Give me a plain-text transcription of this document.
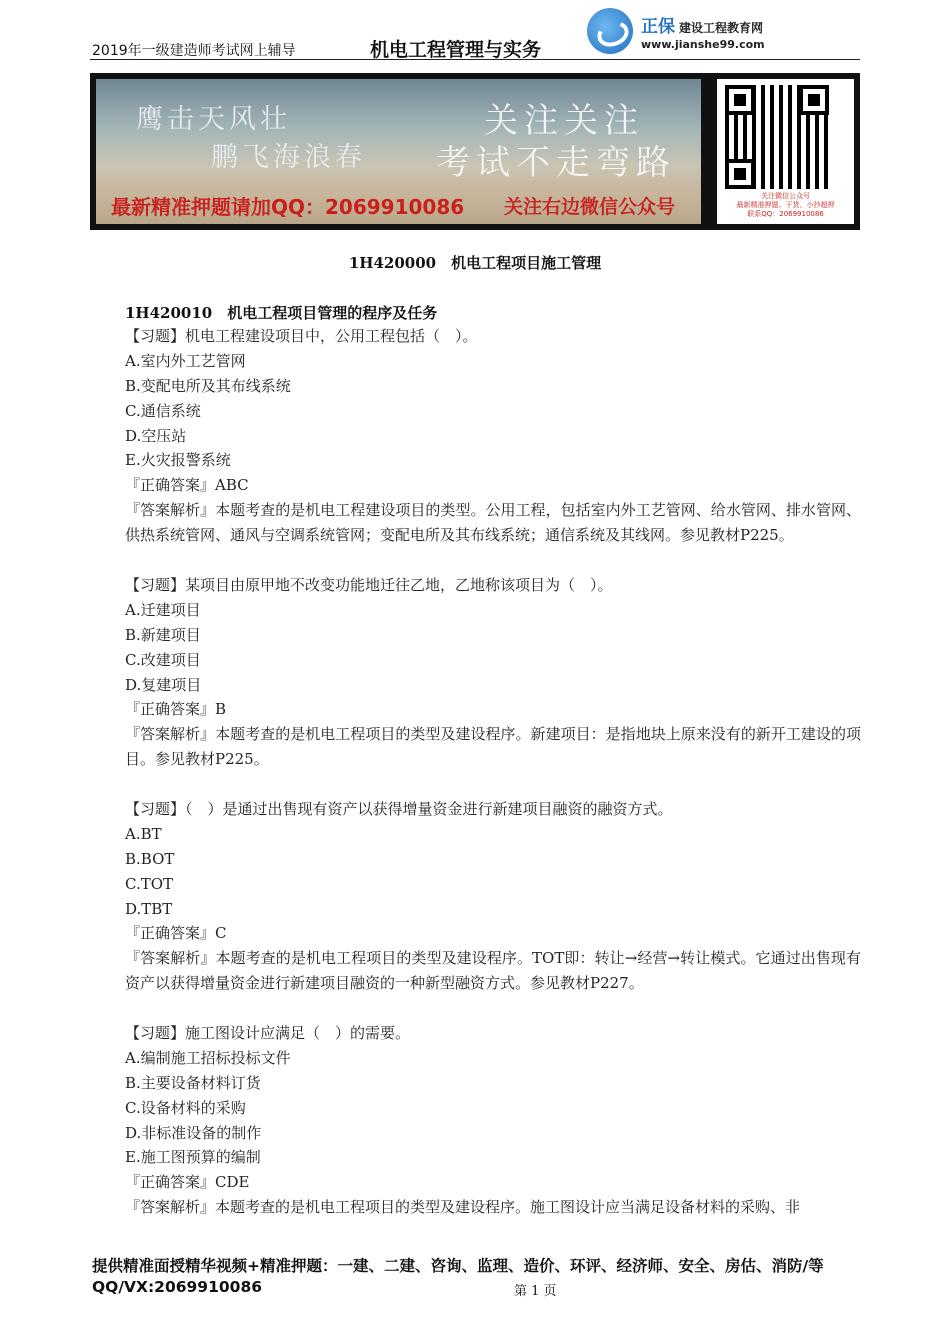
2019年一级建造师考试网上辅导	机电工程管理与实务
正保 建设工程教育网
www.jianshe99.com
鹰击天风壮
鹏飞海浪春
关注关注
考试不走弯路
最新精准押题请加QQ：2069910086 关注右边微信公众号	关注微信公众号
最新精准押题、干货、小抄超押
联系QQ：2069910086
1H420000　机电工程项目施工管理
1H420010　机电工程项目管理的程序及任务
【习题】机电工程建设项目中，公用工程包括（　）。
A.室内外工艺管网
B.变配电所及其布线系统
C.通信系统
D.空压站
E.火灾报警系统
『正确答案』ABC
『答案解析』本题考查的是机电工程建设项目的类型。公用工程，包括室内外工艺管网、给水管网、排水管网、供热系统管网、通风与空调系统管网；变配电所及其布线系统；通信系统及其线网。参见教材P225。
【习题】某项目由原甲地不改变功能地迁往乙地，乙地称该项目为（　）。
A.迁建项目
B.新建项目
C.改建项目
D.复建项目
『正确答案』B
『答案解析』本题考查的是机电工程项目的类型及建设程序。新建项目：是指地块上原来没有的新开工建设的项目。参见教材P225。
【习题】（　）是通过出售现有资产以获得增量资金进行新建项目融资的融资方式。
A.BT
B.BOT
C.TOT
D.TBT
『正确答案』C
『答案解析』本题考查的是机电工程项目的类型及建设程序。TOT即：转让→经营→转让模式。它通过出售现有资产以获得增量资金进行新建项目融资的一种新型融资方式。参见教材P227。
【习题】施工图设计应满足（　）的需要。
A.编制施工招标投标文件
B.主要设备材料订货
C.设备材料的采购
D.非标准设备的制作
E.施工图预算的编制
『正确答案』CDE
『答案解析』本题考查的是机电工程项目的类型及建设程序。施工图设计应当满足设备材料的采购、非
提供精准面授精华视频+精准押题：一建、二建、咨询、监理、造价、环评、经济师、安全、房估、消防/等
QQ/VX:2069910086	第 1 页
